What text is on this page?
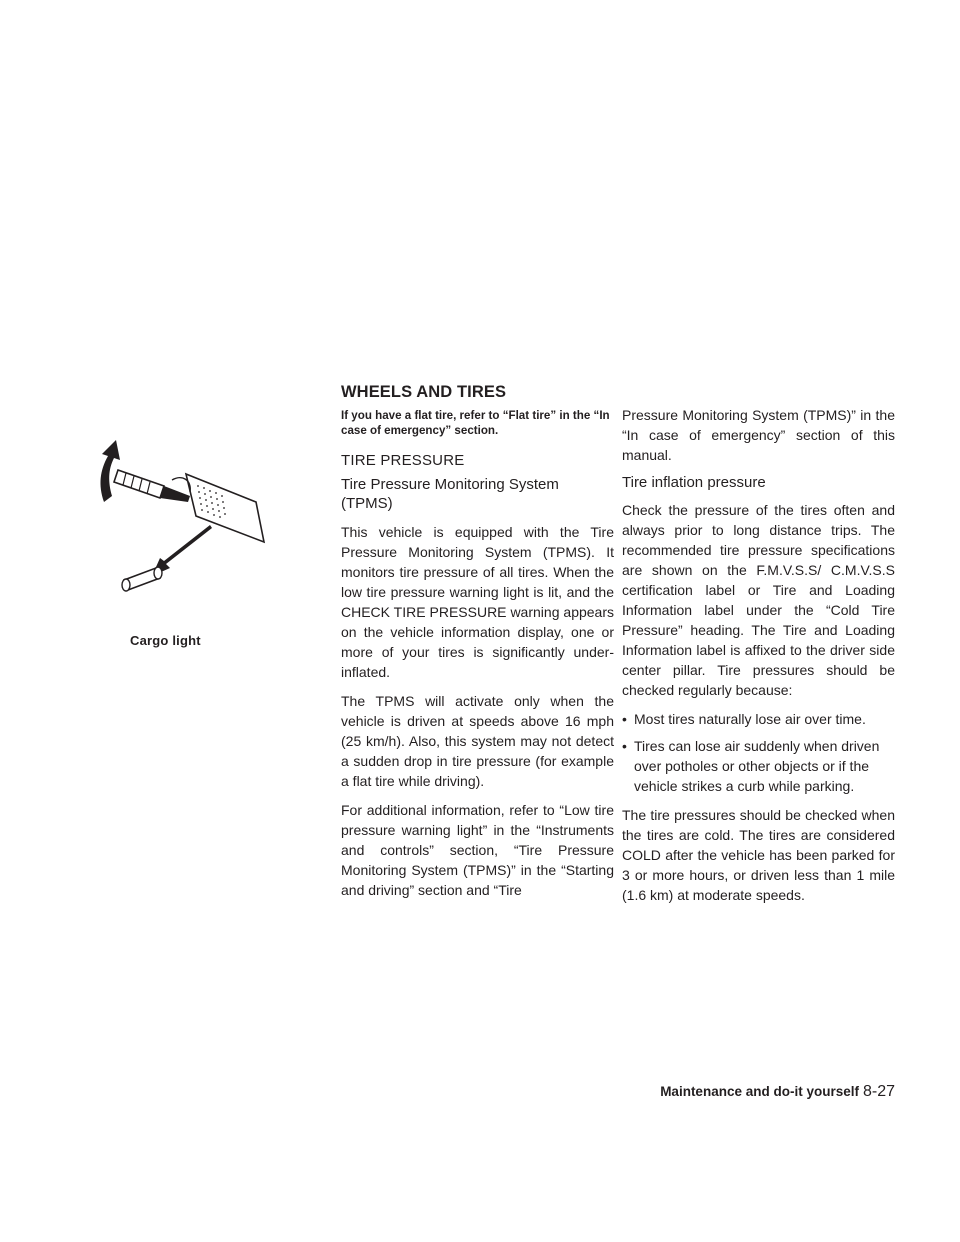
Cargo light
WHEELS AND TIRES
If you have a flat tire, refer to “Flat tire” in the “In case of emergency” section.
TIRE PRESSURE
Tire Pressure Monitoring System (TPMS)

This vehicle is equipped with the Tire Pressure Monitoring System (TPMS). It monitors tire pressure of all tires. When the low tire pressure warning light is lit, and the CHECK TIRE PRESSURE warning appears on the vehicle information display, one or more of your tires is significantly under-inflated.

The TPMS will activate only when the vehicle is driven at speeds above 16 mph (25 km/h). Also, this system may not detect a sudden drop in tire pressure (for example a flat tire while driving).

For additional information, refer to “Low tire pressure warning light” in the “Instruments and controls” section, “Tire Pressure Monitoring System (TPMS)” in the “Starting and driving” section and “Tire

Pressure Monitoring System (TPMS)” in the “In case of emergency” section of this manual.

Tire inflation pressure

Check the pressure of the tires often and always prior to long distance trips. The recommended tire pressure specifications are shown on the F.M.V.S.S/ C.M.V.S.S certification label or Tire and Loading Information label under the “Cold Tire Pressure” heading. The Tire and Loading Information label is affixed to the driver side center pillar. Tire pressures should be checked regularly because:

• Most tires naturally lose air over time.
• Tires can lose air suddenly when driven over potholes or other objects or if the vehicle strikes a curb while parking.

The tire pressures should be checked when the tires are cold. The tires are considered COLD after the vehicle has been parked for 3 or more hours, or driven less than 1 mile (1.6 km) at moderate speeds.

Maintenance and do-it yourself 8-27
